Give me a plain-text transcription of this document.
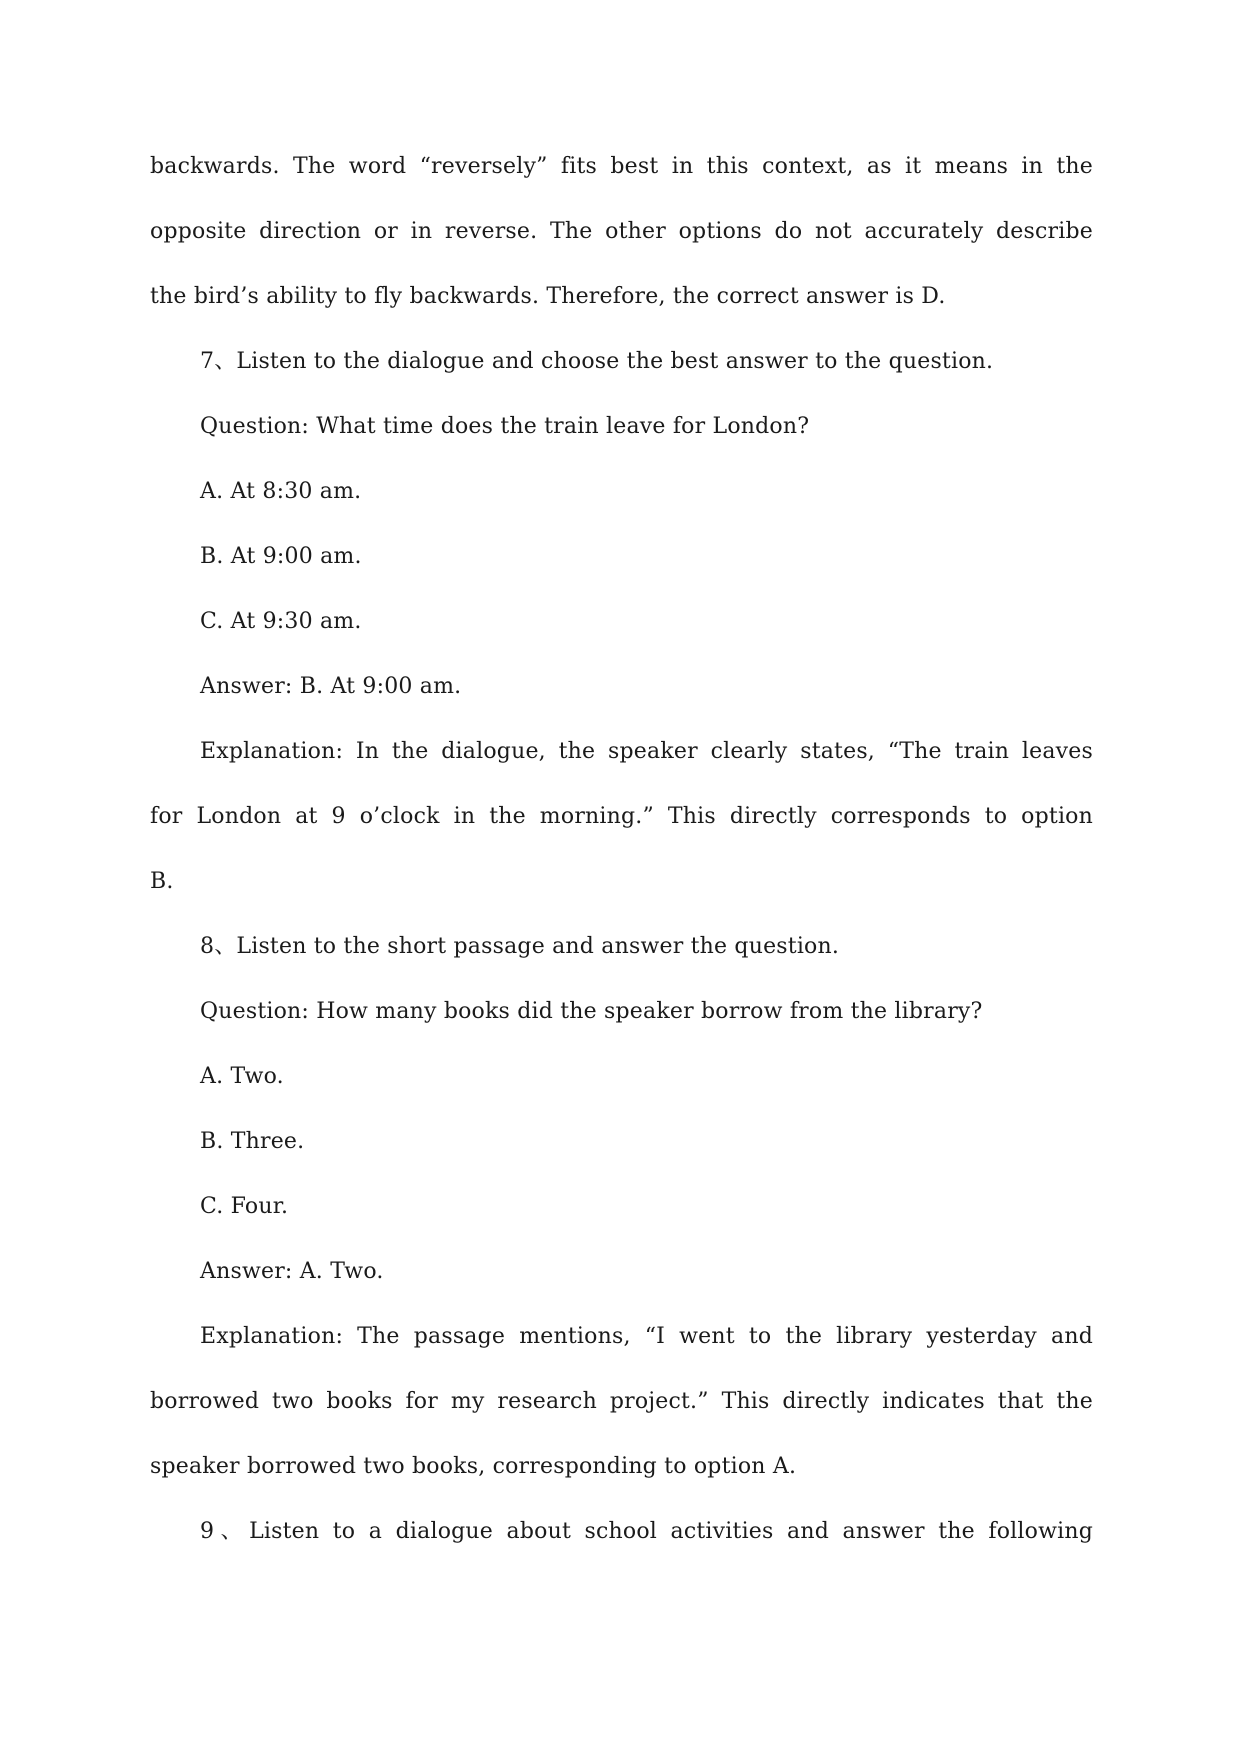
backwards. The word “reversely” fits best in this context, as it means in the
opposite direction or in reverse. The other options do not accurately describe
the bird’s ability to fly backwards. Therefore, the correct answer is D.
7、Listen to the dialogue and choose the best answer to the question.
Question: What time does the train leave for London?
A. At 8:30 am.
B. At 9:00 am.
C. At 9:30 am.
Answer: B. At 9:00 am.
Explanation: In the dialogue, the speaker clearly states, “The train leaves
for London at 9 o’clock in the morning.” This directly corresponds to option
B.
8、Listen to the short passage and answer the question.
Question: How many books did the speaker borrow from the library?
A. Two.
B. Three.
C. Four.
Answer: A. Two.
Explanation: The passage mentions, “I went to the library yesterday and
borrowed two books for my research project.” This directly indicates that the
speaker borrowed two books, corresponding to option A.
9、Listen to a dialogue about school activities and answer the following
